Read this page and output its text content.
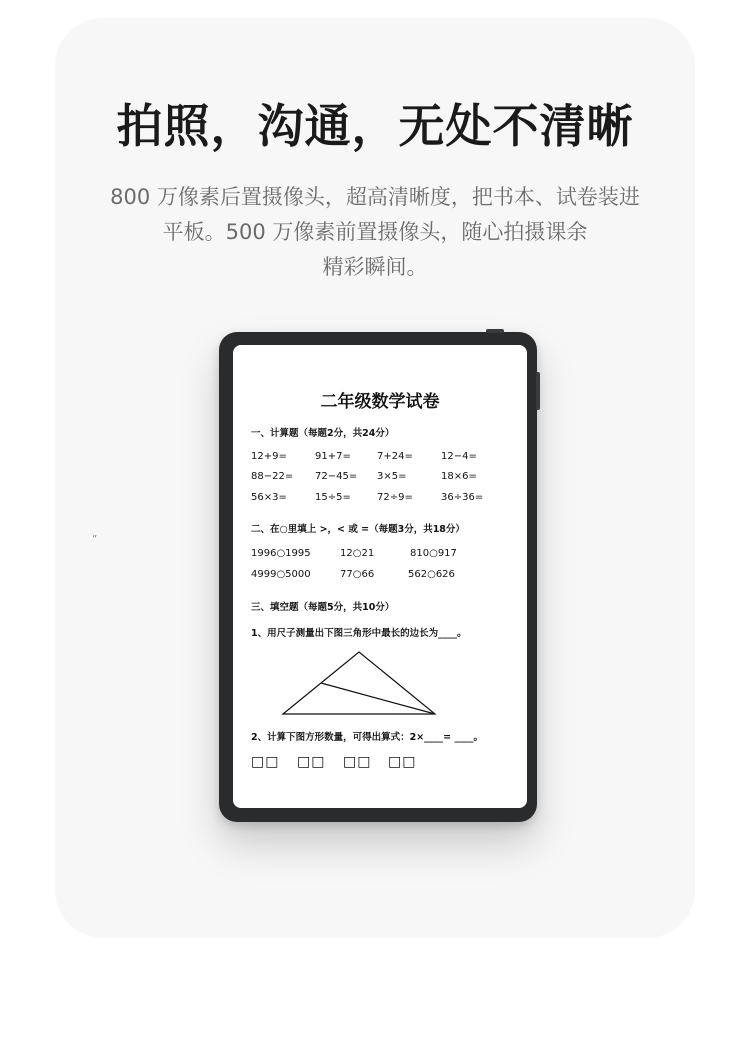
拍照，沟通，无处不清晰
800 万像素后置摄像头，超高清晰度，把书本、试卷装进
平板。500 万像素前置摄像头，随心拍摄课余
精彩瞬间。
”
二年级数学试卷
一、计算题（每题2分，共24分）
12+9=	91+7=	7+24=	12−4=
88−22= 72−45= 3×5=	18×6=
56×3=	15÷5=	72÷9=	36÷36=
二、在○里填上 >，< 或 =（每题3分，共18分）
1996○1995	12○21	810○917
4999○5000	77○66	562○626
三、填空题（每题5分，共10分）
1、用尺子测量出下图三角形中最长的边长为____。
2、计算下图方形数量，可得出算式：2×____= ____。
□□ □□ □□ □□
